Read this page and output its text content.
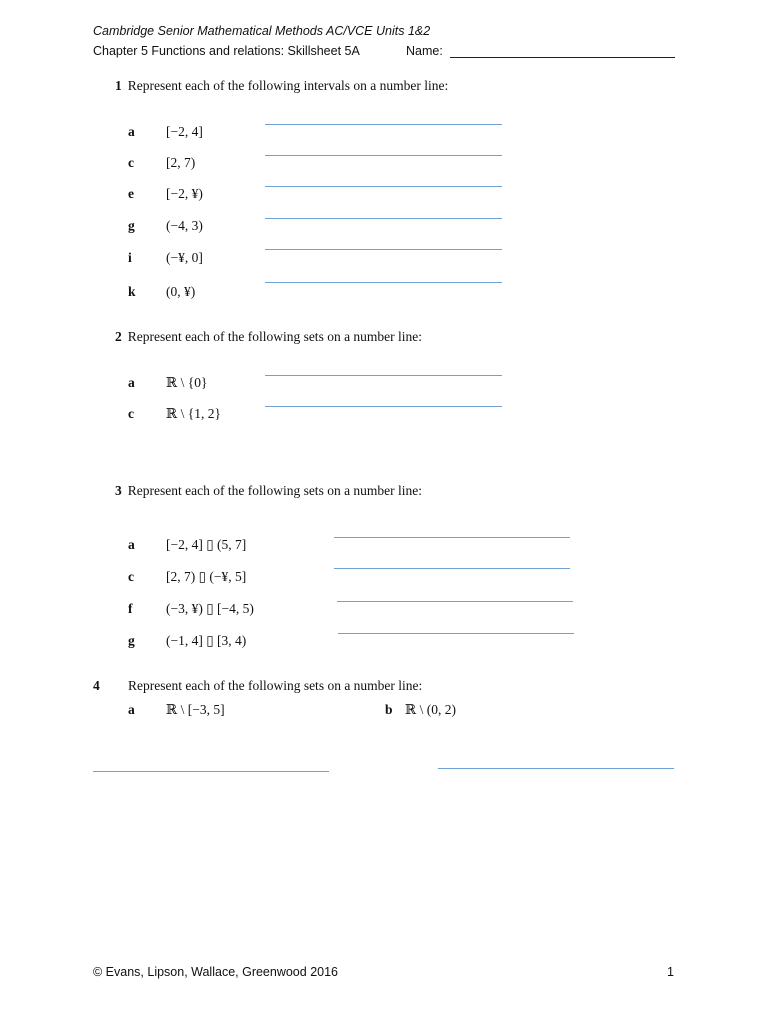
Cambridge Senior Mathematical Methods AC/VCE Units 1&2
Chapter 5 Functions and relations: Skillsheet 5A	Name:
1 Represent each of the following intervals on a number line:
a [−2, 4]
c [2, 7)
e [−2, ¥)
g (−4, 3)
i	(−¥, 0]
k (0, ¥)
2 Represent each of the following sets on a number line:
a ℝ \ {0}
c ℝ \ {1, 2}
3 Represent each of the following sets on a number line:
a [−2, 4] ▯ (5, 7]
c [2, 7) ▯ (−¥, 5]
f (−3, ¥) ▯ [−4, 5)
g (−1, 4] ▯ [3, 4)
4 Represent each of the following sets on a number line:
a ℝ \ [−3, 5]	b ℝ \ (0, 2)
© Evans, Lipson, Wallace, Greenwood 2016	1
